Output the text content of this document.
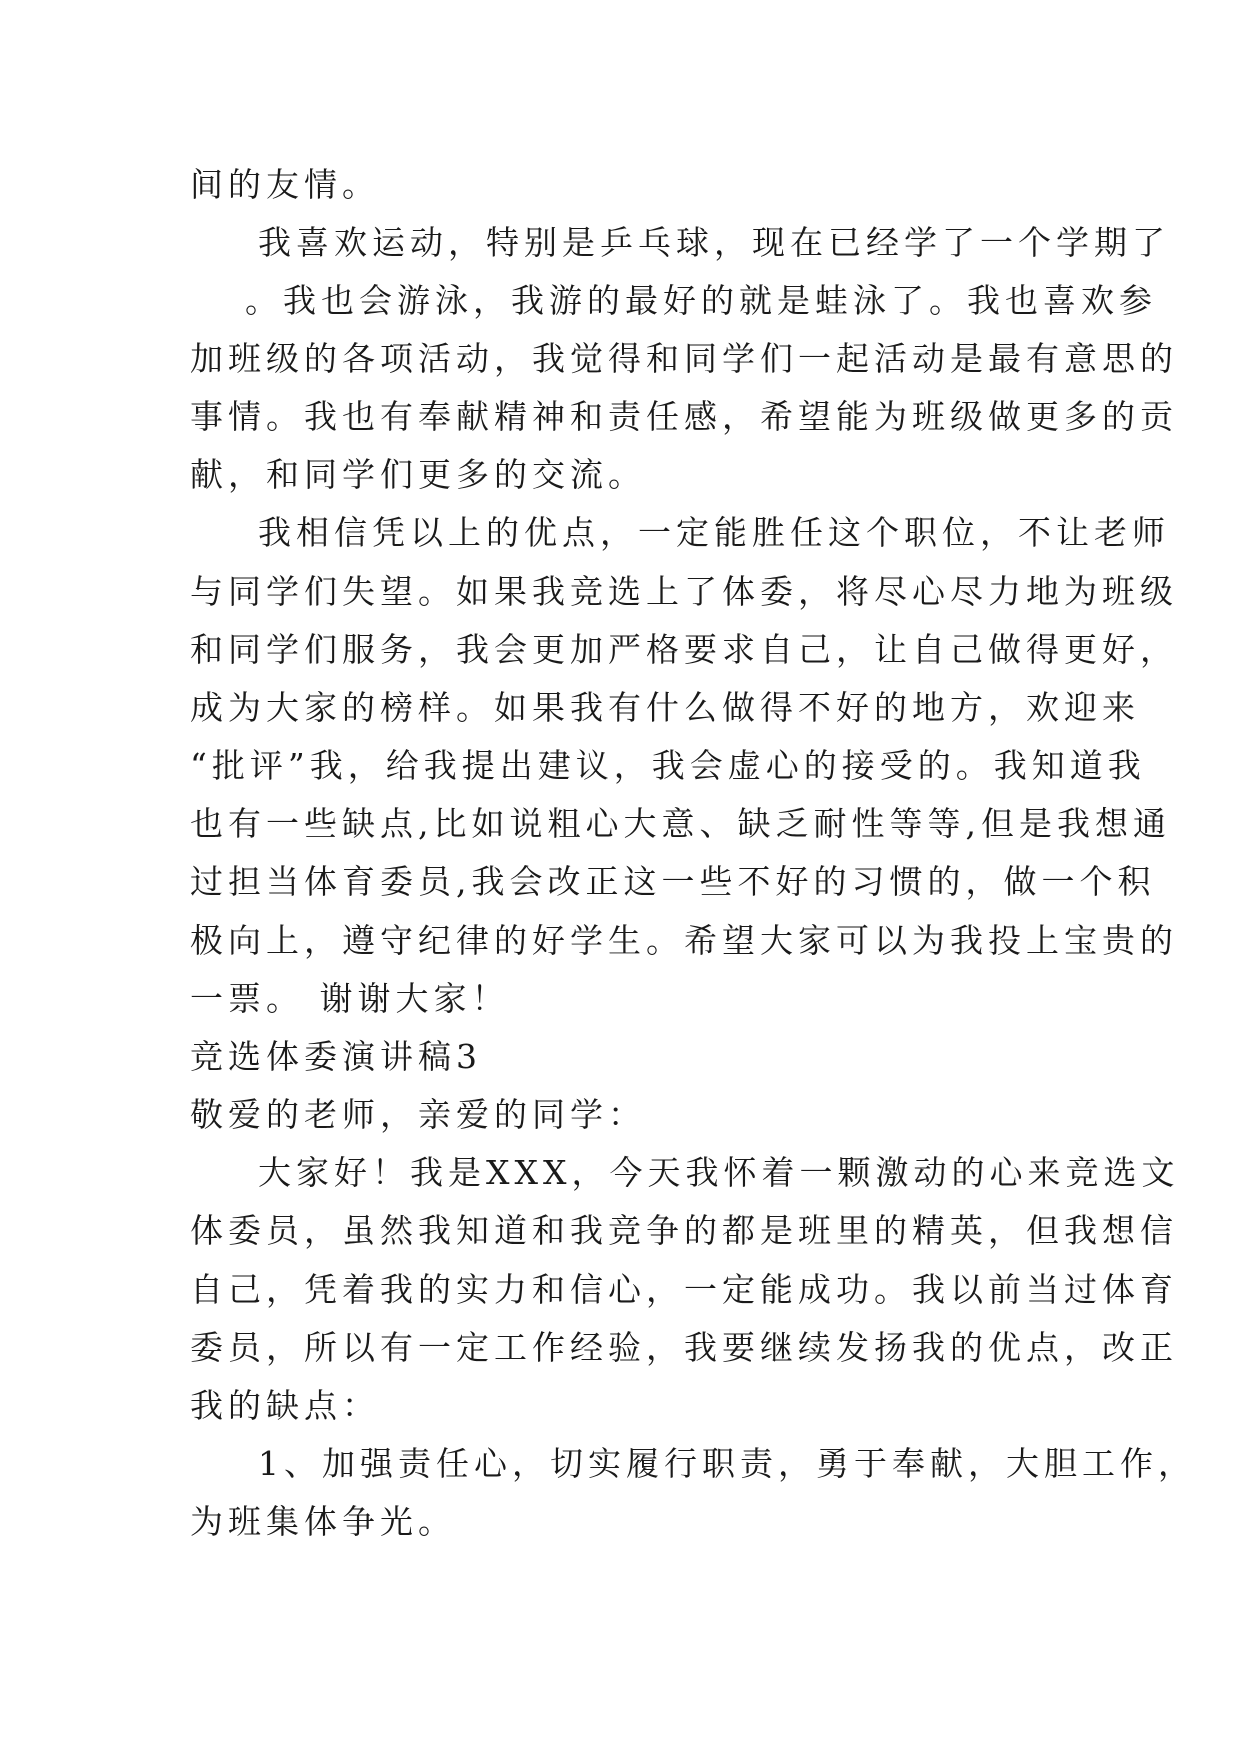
间的友情。
我喜欢运动，特别是乒乓球，现在已经学了一个学期了
。我也会游泳，我游的最好的就是蛙泳了。我也喜欢参
加班级的各项活动，我觉得和同学们一起活动是最有意思的
事情。我也有奉献精神和责任感，希望能为班级做更多的贡
献，和同学们更多的交流。
我相信凭以上的优点，一定能胜任这个职位，不让老师
与同学们失望。如果我竞选上了体委，将尽心尽力地为班级
和同学们服务，我会更加严格要求自己，让自己做得更好，
成为大家的榜样。如果我有什么做得不好的地方，欢迎来
“批评”我，给我提出建议，我会虚心的接受的。我知道我
也有一些缺点,比如说粗心大意、缺乏耐性等等,但是我想通
过担当体育委员,我会改正这一些不好的习惯的，做一个积
极向上，遵守纪律的好学生。希望大家可以为我投上宝贵的
一票。 谢谢大家！
竞选体委演讲稿3
敬爱的老师，亲爱的同学：
大家好！我是XXX，今天我怀着一颗激动的心来竞选文
体委员，虽然我知道和我竞争的都是班里的精英，但我想信
自己，凭着我的实力和信心，一定能成功。我以前当过体育
委员，所以有一定工作经验，我要继续发扬我的优点，改正
我的缺点：
1、加强责任心，切实履行职责，勇于奉献，大胆工作，
为班集体争光。
